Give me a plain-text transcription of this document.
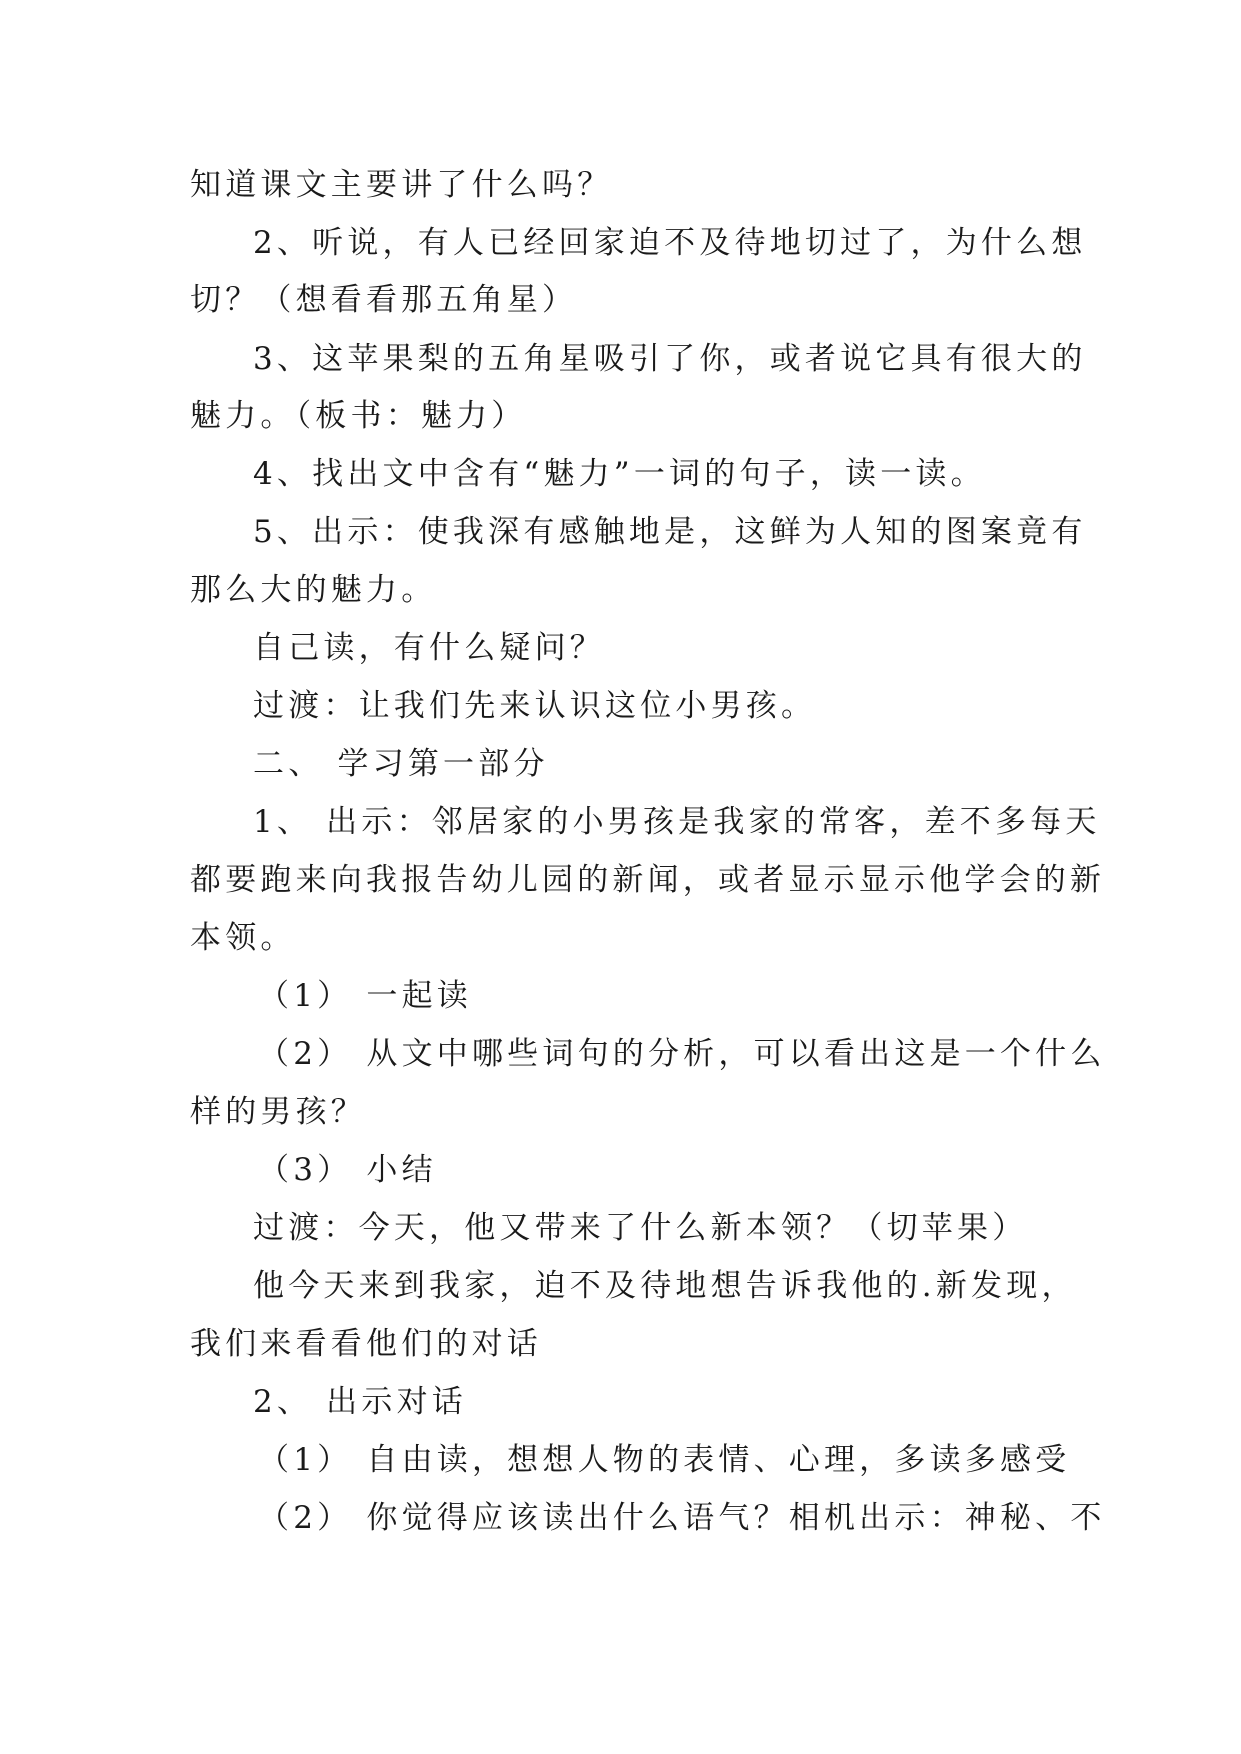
知道课文主要讲了什么吗？
2、听说，有人已经回家迫不及待地切过了，为什么想
切？（想看看那五角星）
3、这苹果梨的五角星吸引了你，或者说它具有很大的
魅力。（板书：魅力）
4、找出文中含有“魅力”一词的句子，读一读。
5、出示：使我深有感触地是，这鲜为人知的图案竟有
那么大的魅力。
自己读，有什么疑问？
过渡：让我们先来认识这位小男孩。
二、 学习第一部分
1、 出示：邻居家的小男孩是我家的常客，差不多每天
都要跑来向我报告幼儿园的新闻，或者显示显示他学会的新
本领。
（1） 一起读
（2） 从文中哪些词句的分析，可以看出这是一个什么
样的男孩？
（3） 小结
过渡：今天，他又带来了什么新本领？（切苹果）
他今天来到我家，迫不及待地想告诉我他的.新发现，
我们来看看他们的对话
2、 出示对话
（1） 自由读，想想人物的表情、心理，多读多感受
（2） 你觉得应该读出什么语气？相机出示：神秘、不
